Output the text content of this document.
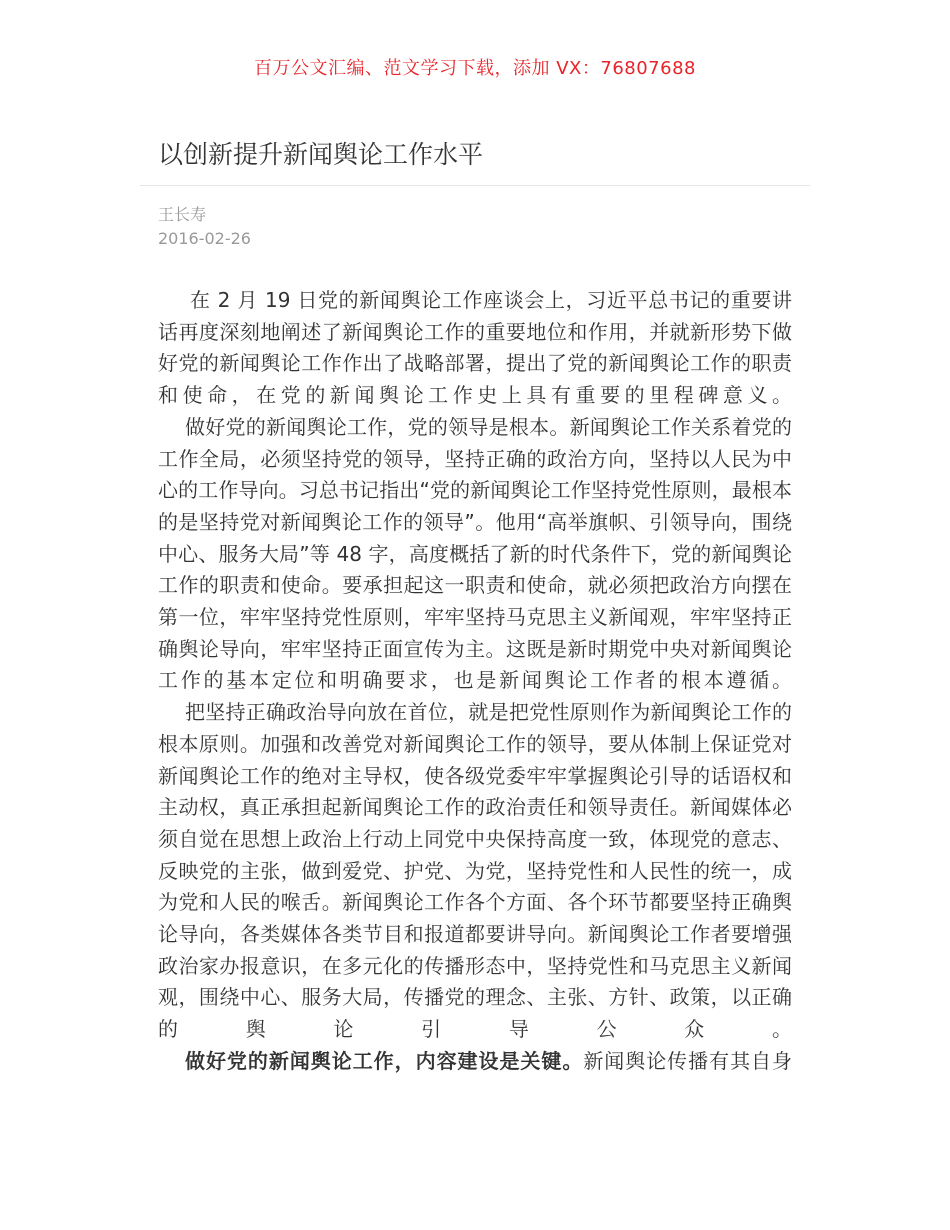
百万公文汇编、范文学习下载，添加 VX：76807688
以创新提升新闻舆论工作水平
王长寿
2016-02-26

在 2 月 19 日党的新闻舆论工作座谈会上，习近平总书记的重要讲话再度深刻地阐述了新闻舆论工作的重要地位和作用，并就新形势下做好党的新闻舆论工作作出了战略部署，提出了党的新闻舆论工作的职责和使命，在党的新闻舆论工作史上具有重要的里程碑意义。

做好党的新闻舆论工作，党的领导是根本。新闻舆论工作关系着党的工作全局，必须坚持党的领导，坚持正确的政治方向，坚持以人民为中心的工作导向。习总书记指出“党的新闻舆论工作坚持党性原则，最根本的是坚持党对新闻舆论工作的领导”。他用“高举旗帜、引领导向，围绕中心、服务大局”等 48 字，高度概括了新的时代条件下，党的新闻舆论工作的职责和使命。要承担起这一职责和使命，就必须把政治方向摆在第一位，牢牢坚持党性原则，牢牢坚持马克思主义新闻观，牢牢坚持正确舆论导向，牢牢坚持正面宣传为主。这既是新时期党中央对新闻舆论工作的基本定位和明确要求，也是新闻舆论工作者的根本遵循。

把坚持正确政治导向放在首位，就是把党性原则作为新闻舆论工作的根本原则。加强和改善党对新闻舆论工作的领导，要从体制上保证党对新闻舆论工作的绝对主导权，使各级党委牢牢掌握舆论引导的话语权和主动权，真正承担起新闻舆论工作的政治责任和领导责任。新闻媒体必须自觉在思想上政治上行动上同党中央保持高度一致，体现党的意志、反映党的主张，做到爱党、护党、为党，坚持党性和人民性的统一，成为党和人民的喉舌。新闻舆论工作各个方面、各个环节都要坚持正确舆论导向，各类媒体各类节目和报道都要讲导向。新闻舆论工作者要增强政治家办报意识，在多元化的传播形态中，坚持党性和马克思主义新闻观，围绕中心、服务大局，传播党的理念、主张、方针、政策，以正确的舆论引导公众。

做好党的新闻舆论工作，内容建设是关键。新闻舆论传播有其自身
